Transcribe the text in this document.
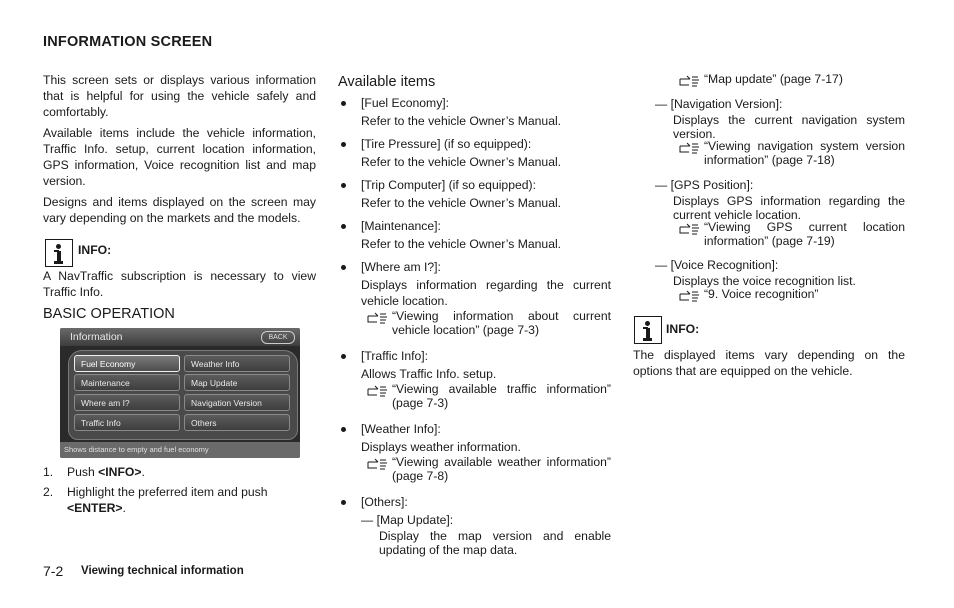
INFORMATION SCREEN

This screen sets or displays various information that is helpful for using the vehicle safely and comfortably.

Available items include the vehicle information, Traffic Info. setup, current location information, GPS information, Voice recognition list and map version.

Designs and items displayed on the screen may vary depending on the markets and the models.

INFO:

A NavTraffic subscription is necessary to view Traffic Info.

BASIC OPERATION
Information	BACK
Fuel Economy	Weather Info
Maintenance	Map Update
Where am I?	Navigation Version
Traffic Info	Others
Shows distance to empty and fuel economy
1. Push <INFO>.
2. Highlight the preferred item and push

<ENTER>.
Available items
[Fuel Economy]:
Refer to the vehicle Owner’s Manual.
[Tire Pressure] (if so equipped):
Refer to the vehicle Owner’s Manual.
[Trip Computer] (if so equipped):
Refer to the vehicle Owner’s Manual.
[Maintenance]:
Refer to the vehicle Owner’s Manual.
[Where am I?]:

Displays information regarding the current vehicle location.

“Viewing information about current vehicle location” (page 7-3)
[Traffic Info]:
Allows Traffic Info. setup.
“Viewing available traffic information” (page 7-3)
[Weather Info]:
Displays weather information.
“Viewing available weather information” (page 7-8)
[Others]:
— [Map Update]:
Display the map version and enable updating of the map data.
“Map update” (page 7-17)
— [Navigation Version]:
Displays the current navigation system version.
“Viewing navigation system version information” (page 7-18)
— [GPS Position]:
Displays GPS information regarding the current vehicle location.
“Viewing GPS current location information” (page 7-19)
— [Voice Recognition]:
Displays the voice recognition list.
“9. Voice recognition”
INFO:

The displayed items vary depending on the options that are equipped on the vehicle.

7-2 Viewing technical information
